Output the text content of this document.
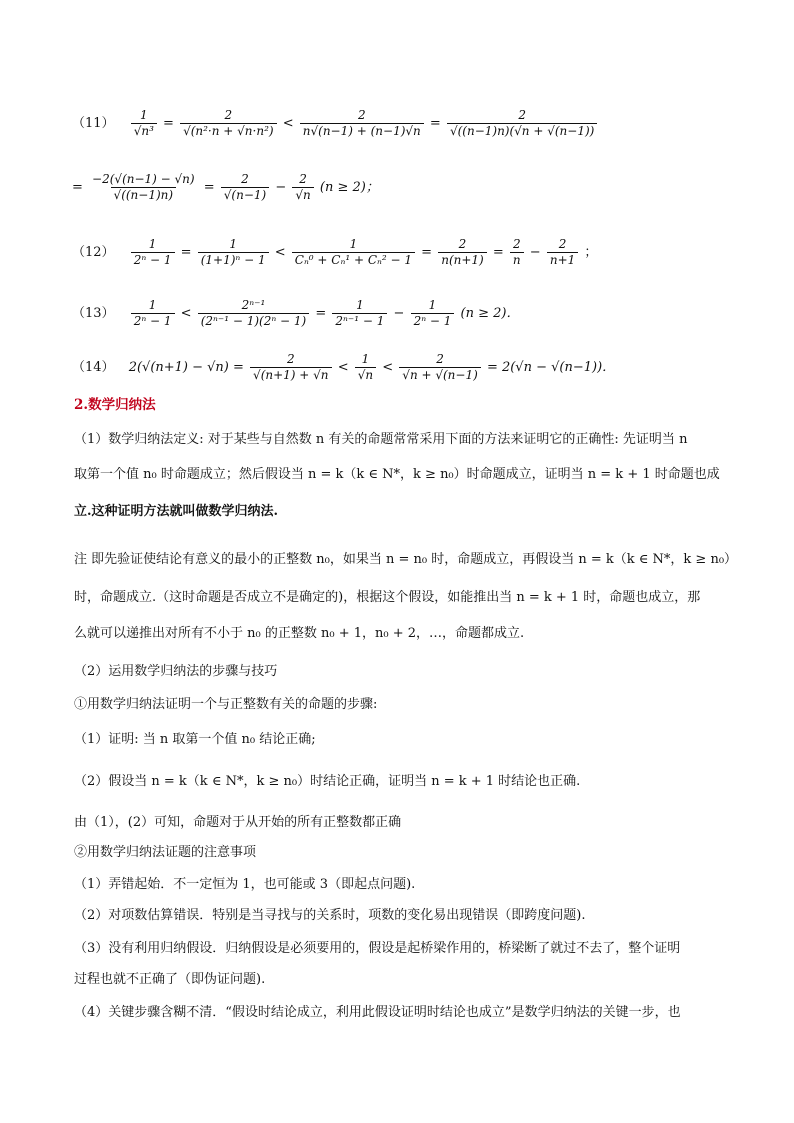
$(11) \frac{1}{\text{√n³}} = \frac{2}{\text{√(n²·n + √n·n²)}} < \frac{2}{n√(n-1) + (n-1)√n} = \frac{2}{√((n-1)n)(√n + √(n-1))}$
= $\frac{-2(√(n-1) - √n)}{√((n-1)n)} = \frac{2}{√(n-1)} - \frac{2}{√n} (n \ge 2)$；
$(12) \frac{1}{\text{2ⁿ − 1}} = \frac{1}{\text{(1+1)ⁿ − 1}} < \frac{1}{\text{Cₙ⁰ + Cₙ¹ + Cₙ² − 1}} = \frac{2}{n(n+1)} = \frac{2}{n} - \frac{2}{n+1}$ ；
$(13) \frac{1}{\text{2ⁿ − 1}} < \frac{\text{2ⁿ⁻¹}}{\text{(2ⁿ⁻¹ − 1)(2ⁿ − 1)}} = \frac{1}{\text{2ⁿ⁻¹ − 1}} - \frac{1}{\text{2ⁿ − 1}} (n \ge 2)$．
（14） $2(√(n+1) - √n) = \frac{2}{√(n+1) + √n} < \frac{1}{√n} < \frac{2}{√n + √(n-1)} = 2(√n - √(n-1))$．
2.数学归纳法
（1）数学归纳法定义: 对于某些与自然数 n 有关的命题常常采用下面的方法来证明它的正确性: 先证明当 n
取第一个值 n₀ 时命题成立；然后假设当 n = k（k ∈ N*，k ≥ n₀）时命题成立，证明当 n = k + 1 时命题也成
立.这种证明方法就叫做数学归纳法.
注 即先验证使结论有意义的最小的正整数 n₀，如果当 n = n₀ 时，命题成立，再假设当 n = k（k ∈ N*，k ≥ n₀）
时，命题成立.（这时命题是否成立不是确定的)，根据这个假设，如能推出当 n = k + 1 时，命题也成立，那
么就可以递推出对所有不小于 n₀ 的正整数 n₀ + 1，n₀ + 2，…，命题都成立.
（2）运用数学归纳法的步骤与技巧
①用数学归纳法证明一个与正整数有关的命题的步骤:
（1）证明: 当 n 取第一个值 n₀ 结论正确;
（2）假设当 n = k（k ∈ N*，k ≥ n₀）时结论正确，证明当 n = k + 1 时结论也正确.
由（1），(2）可知，命题对于从开始的所有正整数都正确
②用数学归纳法证题的注意事项
（1）弄错起始．不一定恒为 1，也可能或 3（即起点问题).
（2）对项数估算错误．特别是当寻找与的关系时，项数的变化易出现错误（即跨度问题).
（3）没有利用归纳假设．归纳假设是必须要用的，假设是起桥梁作用的，桥梁断了就过不去了，整个证明
过程也就不正确了（即伪证问题).
（4）关键步骤含糊不清．“假设时结论成立，利用此假设证明时结论也成立”是数学归纳法的关键一步，也
